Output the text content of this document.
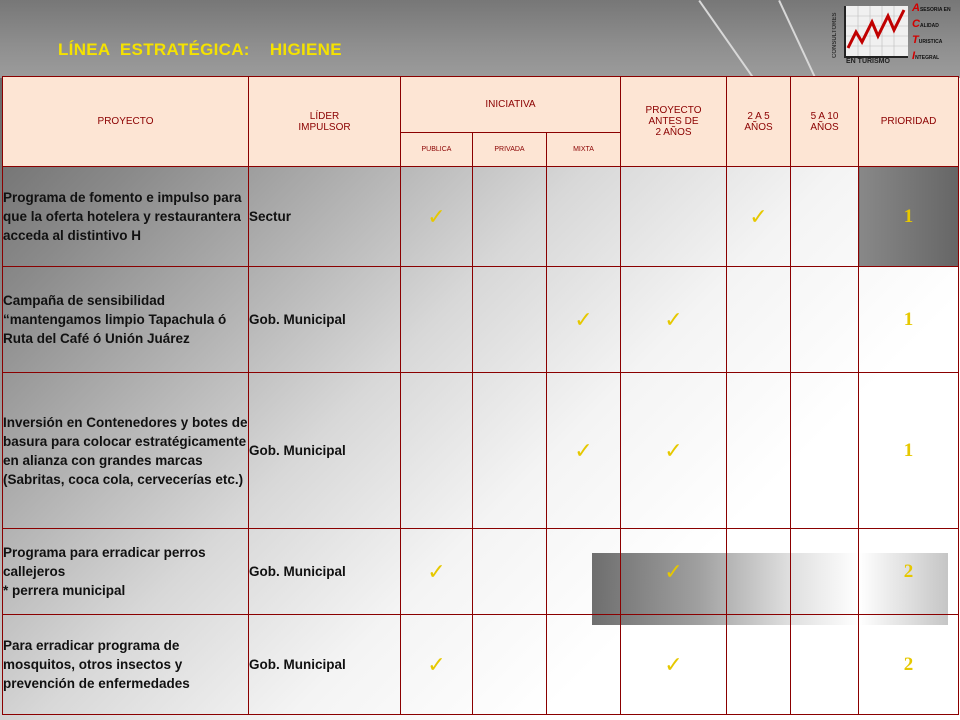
LÍNEA  ESTRATÉGICA:    HIGIENE	CONSULTORES
EN TURISMO
ASESORIA EN
CALIDAD
TURISTICA
INTEGRAL
PROYECTO	LÍDER
IMPULSOR	INICIATIVA			PROYECTO
ANTES DE
2 AÑOS	2 A 5
AÑOS	5 A 10
AÑOS	PRIORIDAD
		PUBLICA	PRIVADA	MIXTA				
Programa de fomento e impulso para que la oferta hotelera y restaurantera acceda al distintivo H	Sectur	✓				✓		1
Campaña de sensibilidad “mantengamos limpio Tapachula ó Ruta del Café ó Unión Juárez	Gob. Municipal			✓	✓			1
Inversión en Contenedores y botes de basura para colocar estratégicamente en alianza con grandes marcas (Sabritas, coca cola, cervecerías etc.)	Gob. Municipal			✓	✓			1
Programa para erradicar perros callejeros
* perrera municipal	Gob. Municipal	✓			✓			2
Para erradicar programa de mosquitos, otros insectos y prevención de enfermedades	Gob. Municipal	✓			✓			2
